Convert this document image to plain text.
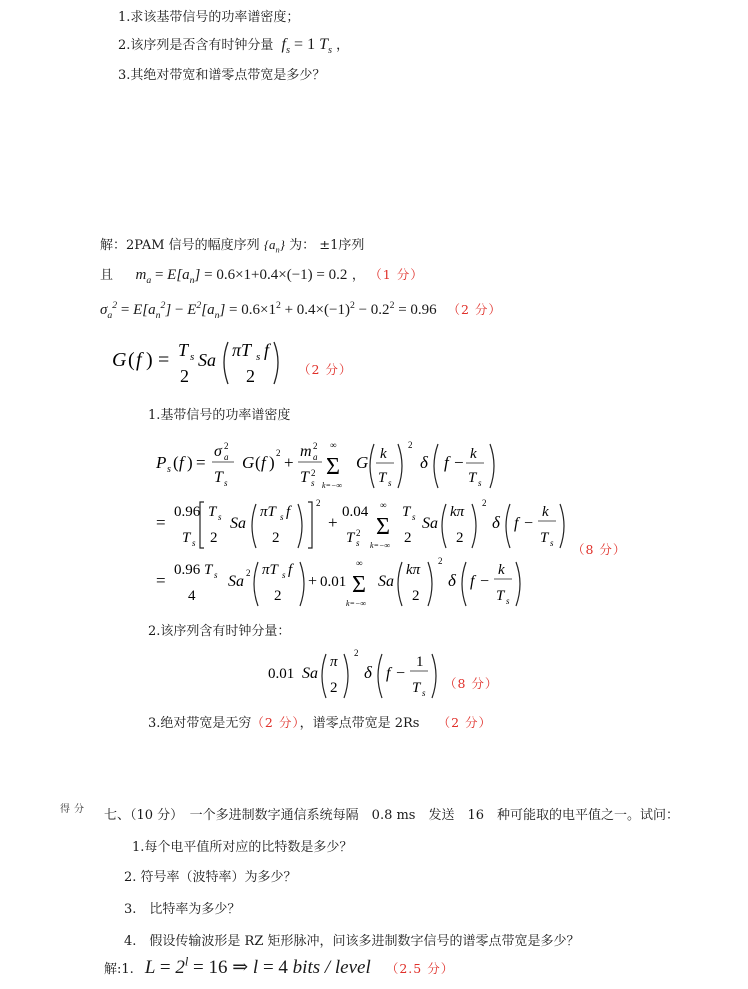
1.求该基带信号的功率谱密度；
2.该序列是否含有时钟分量 $f_s = 1$ $T_s$ ，
3.其绝对带宽和谱零点带宽是多少？
解：2PAM 信号的幅度序列 $\{a_n\}$ 为： ±1序列
且 $m_a = E[a_n] = 0.6\times 1+0.4\times(-1) = 0.2$ ， （1 分）
$\sigma_a^2 = E[a_n^2] - E^2[a_n] = 0.6\times 1^2 + 0.4\times(-1)^2 - 0.2^2 = 0.96$ （2 分）
G ( f ) = T s
2
Sa πT s f
2	（2 分）
1.基带信号的功率谱密度
P s ( f ) =
σ 2
a
T s
G ( f ) 2 +
m 2
a
T 2
s
∞
Σ
k=−∞
G k
T s
2
δ f − k
T s
=
0.96
T s
T s
2
Sa
πT s f
2
2
+
0.04
T 2
s
∞
Σ
k=−∞
T s
2
Sa
kπ
2
2
δ f −
k
T s （8 分）
=
0.96 T s
4
Sa 2 πT s f
2
+ 0.01
∞
Σ
k=−∞
Sa
kπ
2
2
δ f −
k
T s
2.该序列含有时钟分量：
0.01 Sa
π
2
2
δ f −
1
T s
（8 分）
3.绝对带宽是无穷（2 分），谱零点带宽是 2Rs （2 分）
得分 七、（10 分）　一个多进制数字通信系统每隔　0.8 ms　发送　16　种可能取的电平值之一。试问：
1.每个电平值所对应的比特数是多少？
2. 符号率（波特率）为多少？
3.　比特率为多少？
4.　假设传输波形是 RZ 矩形脉冲，问该多进制数字信号的谱零点带宽是多少？
解:1. $L = 2^l = 16$ ⇒ l = 4 bits / level （2.5 分）
